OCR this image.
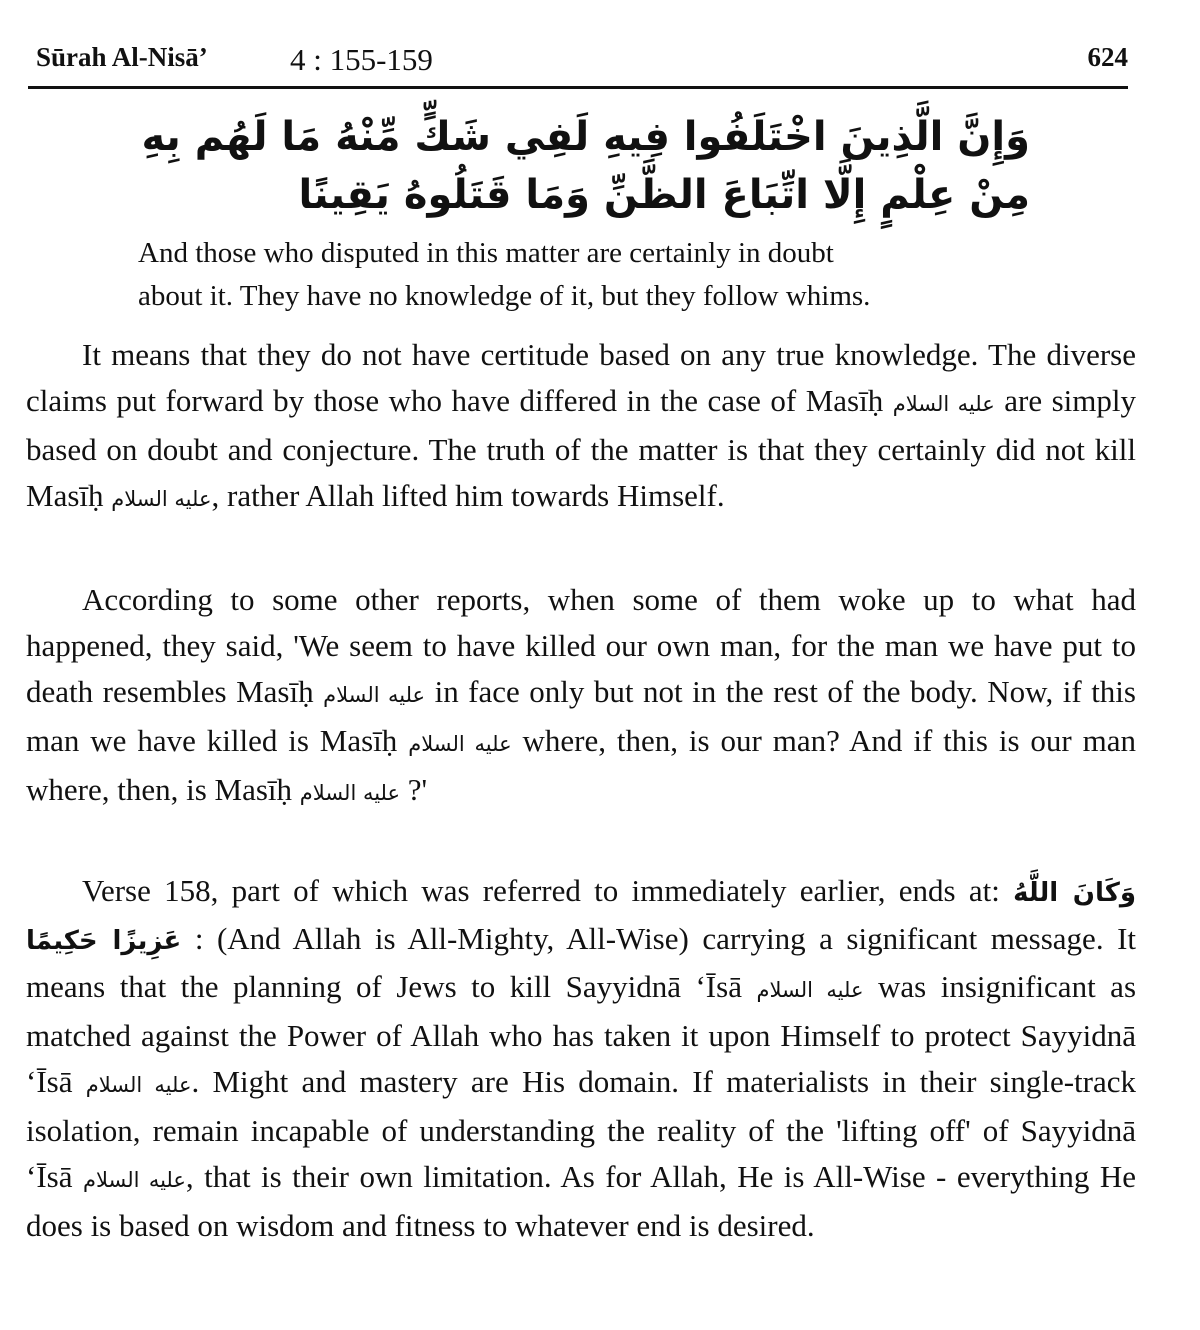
Sūrah Al-Nisā’	4 : 155-159	624

وَإِنَّ الَّذِينَ اخْتَلَفُوا فِيهِ لَفِي شَكٍّ مِّنْهُ مَا لَهُم بِهِ مِنْ عِلْمٍ إِلَّا اتِّبَاعَ الظَّنِّ وَمَا قَتَلُوهُ يَقِينًا

And those who disputed in this matter are certainly in doubt
about it. They have no knowledge of it, but they follow whims.

It means that they do not have certitude based on any true knowledge. The diverse claims put forward by those who have differed in the case of Masīḥ عليه السلام are simply based on doubt and conjecture. The truth of the matter is that they certainly did not kill Masīḥ عليه السلام, rather Allah lifted him towards Himself.

According to some other reports, when some of them woke up to what had happened, they said, 'We seem to have killed our own man, for the man we have put to death resembles Masīḥ عليه السلام in face only but not in the rest of the body. Now, if this man we have killed is Masīḥ عليه السلام where, then, is our man? And if this is our man where, then, is Masīḥ عليه السلام ?'

Verse 158, part of which was referred to immediately earlier, ends at: وَكَانَ اللَّهُ عَزِيزًا حَكِيمًا : (And Allah is All-Mighty, All-Wise) carrying a significant message. It means that the planning of Jews to kill Sayyidnā ‘Īsā عليه السلام was insignificant as matched against the Power of Allah who has taken it upon Himself to protect Sayyidnā ‘Īsā عليه السلام. Might and mastery are His domain. If materialists in their single-track isolation, remain incapable of understanding the reality of the 'lifting off' of Sayyidnā ‘Īsā عليه السلام, that is their own limitation. As for Allah, He is All-Wise - everything He does is based on wisdom and fitness to whatever end is desired.
